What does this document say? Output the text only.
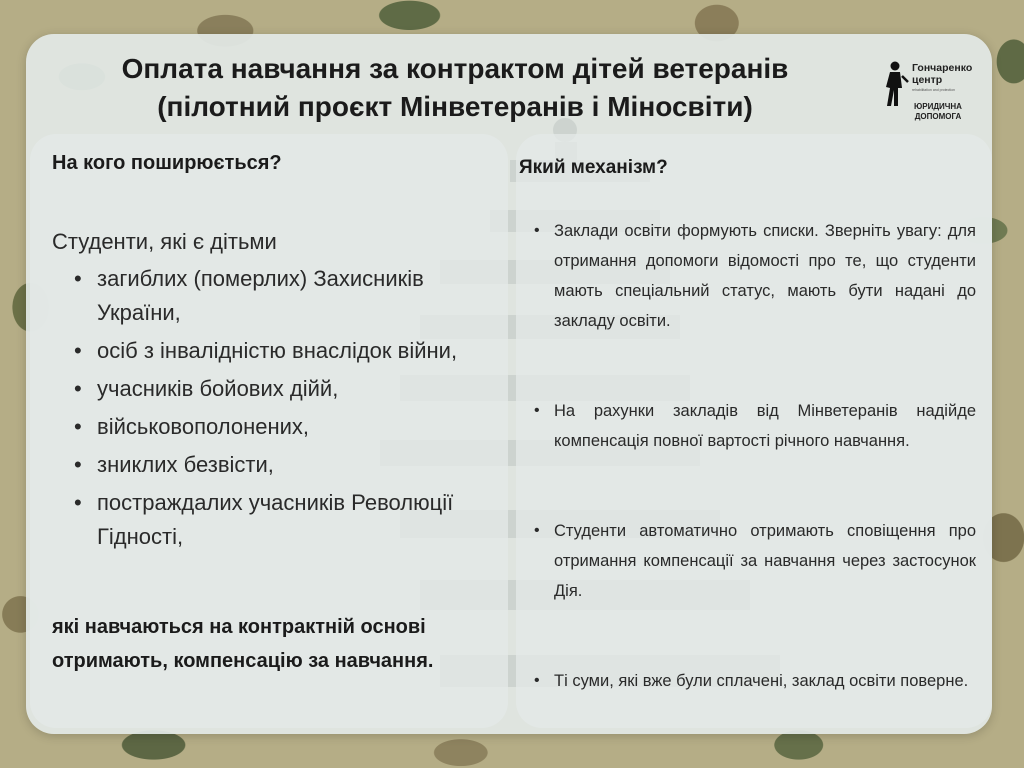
Оплата навчання за контрактом дітей ветеранів
(пілотний проєкт Мінветеранів і Міносвіти)
Гончаренко
центр
rehabilitation and protection
ЮРИДИЧНА
ДОПОМОГА
На кого поширюється?
Студенти, які є дітьми
• загиблих (померлих) Захисників України,
• осіб з інвалідністю внаслідок війни,
• учасників бойових дійй,
• військовополонених,
• зниклих безвісти,
• постраждалих учасників Революції Гідності,
які навчаються на контрактній основі отримають, компенсацію за навчання.
Який механізм?
• Заклади освіти формують списки. Зверніть увагу: для отримання допомоги відомості про те, що студенти мають спеціальний статус, мають бути надані до закладу освіти.
• На рахунки закладів від Мінветеранів надійде компенсація повної вартості річного навчання.
• Студенти автоматично отримають сповіщення про отримання компенсації за навчання через застосунок Дія.
• Ті суми, які вже були сплачені, заклад освіти поверне.
